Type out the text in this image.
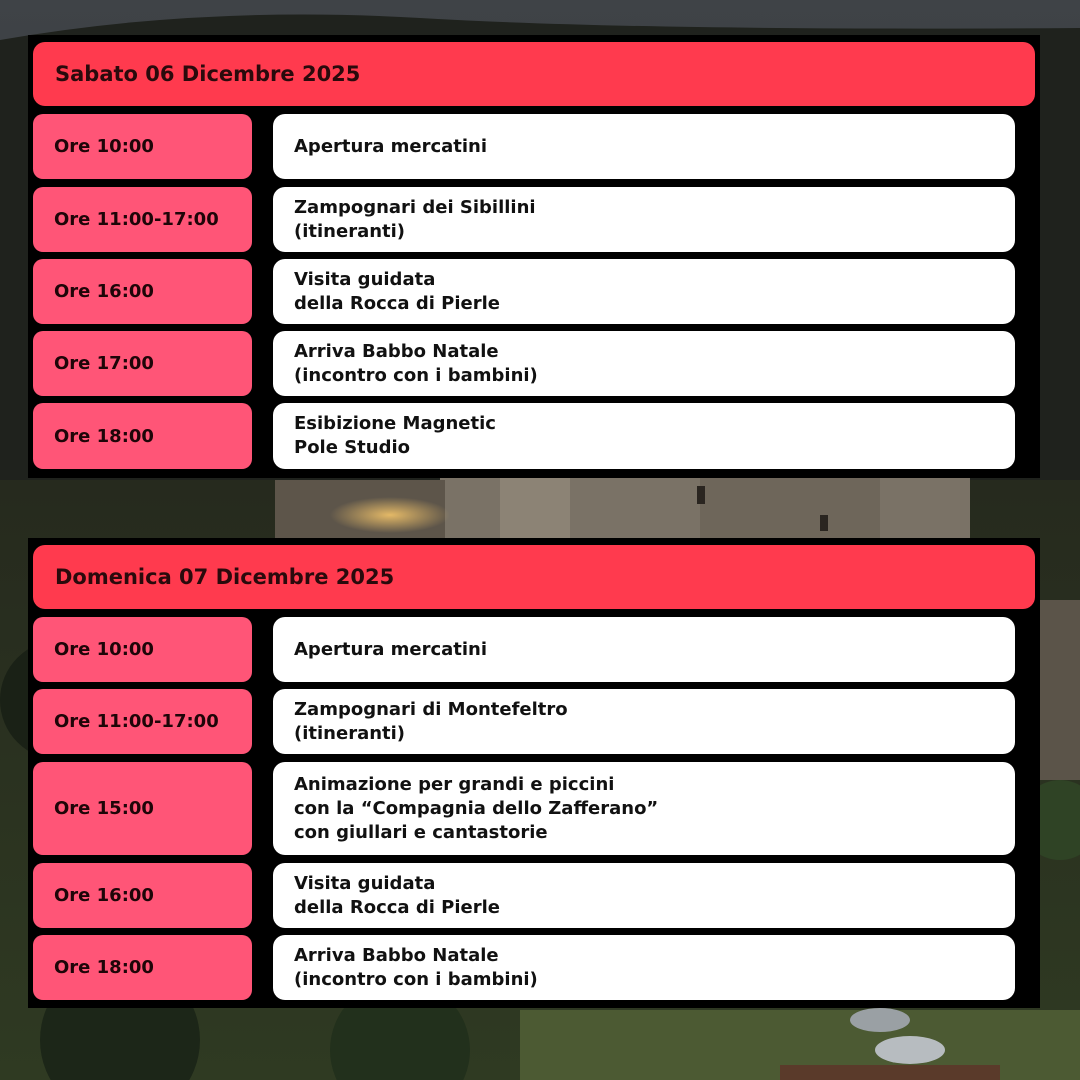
Sabato 06 Dicembre 2025
Ore 10:00	Apertura mercatini
Ore 11:00-17:00
Zampognari dei Sibillini
(itineranti)
Ore 16:00
Visita guidata
della Rocca di Pierle
Ore 17:00
Arriva Babbo Natale
(incontro con i bambini)
Ore 18:00
Esibizione Magnetic
Pole Studio
Domenica 07 Dicembre 2025
Ore 10:00	Apertura mercatini
Ore 11:00-17:00
Zampognari di Montefeltro
(itineranti)
Ore 15:00
Animazione per grandi e piccini
con la “Compagnia dello Zafferano”
con giullari e cantastorie
Ore 16:00
Visita guidata
della Rocca di Pierle
Ore 18:00
Arriva Babbo Natale
(incontro con i bambini)
